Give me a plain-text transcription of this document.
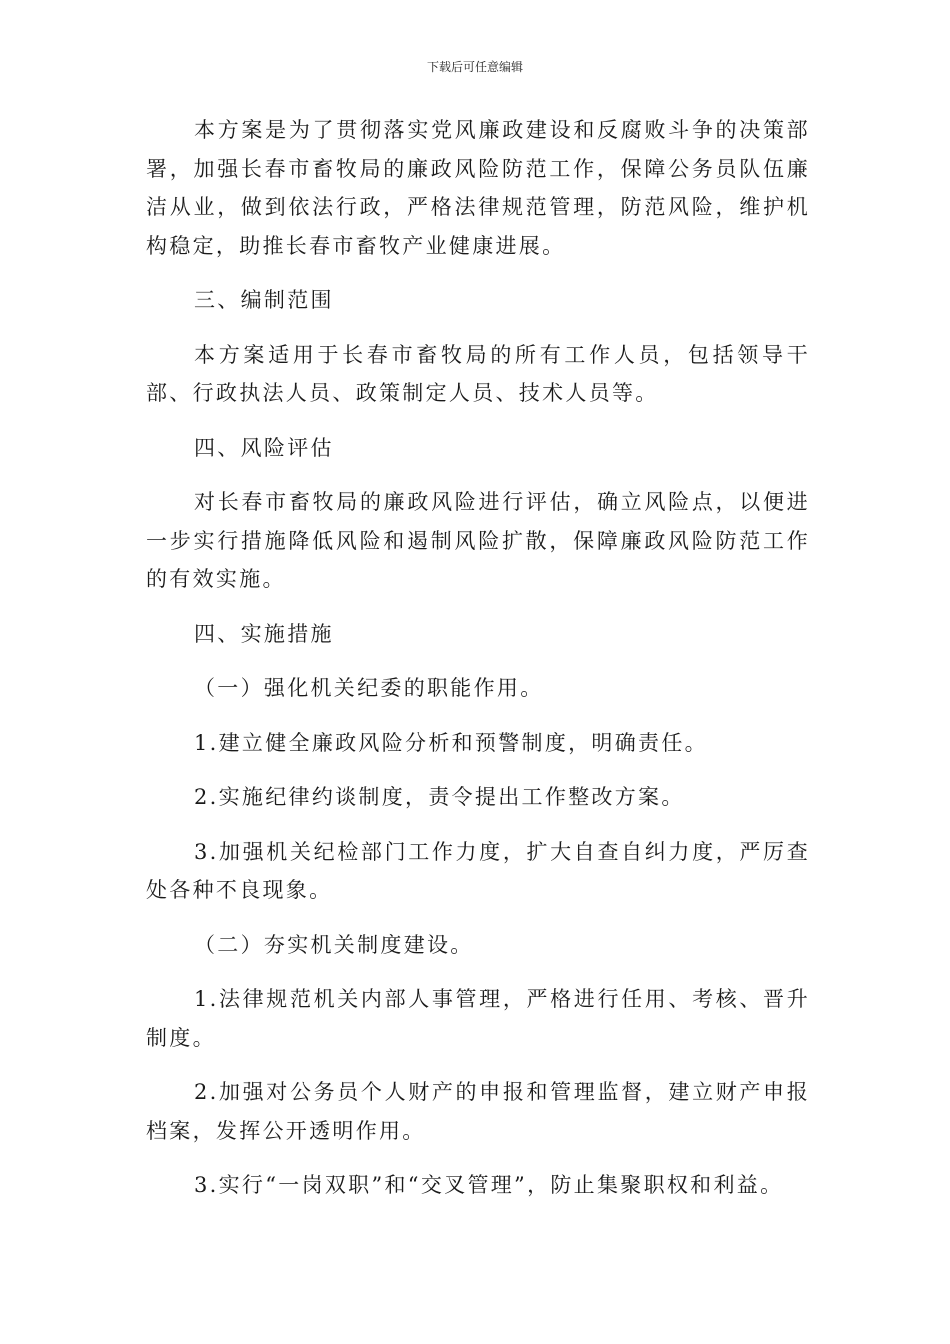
下载后可任意编辑

本方案是为了贯彻落实党风廉政建设和反腐败斗争的决策部署，加强长春市畜牧局的廉政风险防范工作，保障公务员队伍廉洁从业，做到依法行政，严格法律规范管理，防范风险，维护机构稳定，助推长春市畜牧产业健康进展。

三、编制范围

本方案适用于长春市畜牧局的所有工作人员，包括领导干部、行政执法人员、政策制定人员、技术人员等。

四、风险评估

对长春市畜牧局的廉政风险进行评估，确立风险点，以便进一步实行措施降低风险和遏制风险扩散，保障廉政风险防范工作的有效实施。

四、实施措施

（一）强化机关纪委的职能作用。

1.建立健全廉政风险分析和预警制度，明确责任。

2.实施纪律约谈制度，责令提出工作整改方案。

3.加强机关纪检部门工作力度，扩大自查自纠力度，严厉查处各种不良现象。

（二）夯实机关制度建设。

1.法律规范机关内部人事管理，严格进行任用、考核、晋升制度。

2.加强对公务员个人财产的申报和管理监督，建立财产申报档案，发挥公开透明作用。

3.实行“一岗双职”和“交叉管理”，防止集聚职权和利益。
